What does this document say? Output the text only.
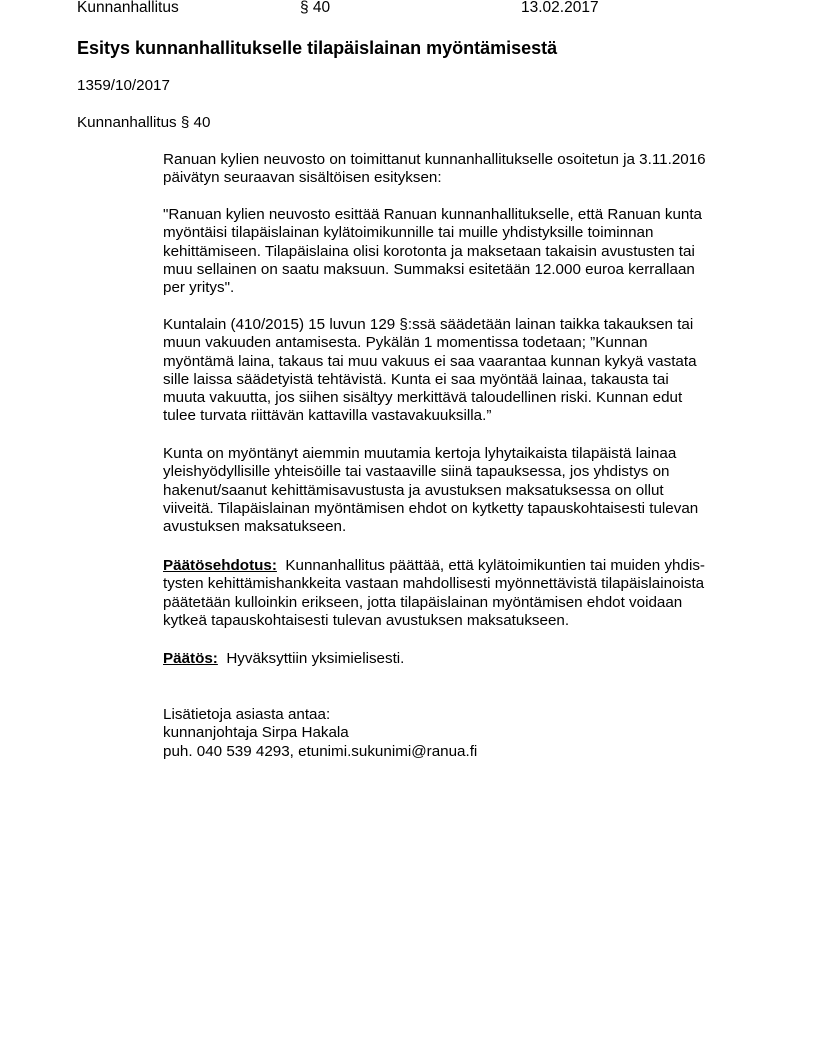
Kunnanhallitus	§ 40	13.02.2017
Esitys kunnanhallitukselle tilapäislainan myöntämisestä
1359/10/2017
Kunnanhallitus § 40
Ranuan kylien neuvosto on toimittanut kunnanhallitukselle osoitetun ja 3.11.2016
päivätyn seuraavan sisältöisen esityksen:
"Ranuan kylien neuvosto esittää Ranuan kunnanhallitukselle, että Ranuan kunta
myöntäisi tilapäislainan kylätoimikunnille tai muille yhdistyksille toiminnan
kehittämiseen. Tilapäislaina olisi korotonta ja maksetaan takaisin avustusten tai
muu sellainen on saatu maksuun. Summaksi esitetään 12.000 euroa kerrallaan
per yritys".
Kuntalain (410/2015) 15 luvun 129 §:ssä säädetään lainan taikka takauksen tai
muun vakuuden antamisesta. Pykälän 1 momentissa todetaan; ”Kunnan
myöntämä laina, takaus tai muu vakuus ei saa vaarantaa kunnan kykyä vastata
sille laissa säädetyistä tehtävistä. Kunta ei saa myöntää lainaa, takausta tai
muuta vakuutta, jos siihen sisältyy merkittävä taloudellinen riski. Kunnan edut
tulee turvata riittävän kattavilla vastavakuuksilla.”
Kunta on myöntänyt aiemmin muutamia kertoja lyhytaikaista tilapäistä lainaa
yleishyödyllisille yhteisöille tai vastaaville siinä tapauksessa, jos yhdistys on
hakenut/saanut kehittämisavustusta ja avustuksen maksatuksessa on ollut
viiveitä. Tilapäislainan myöntämisen ehdot on kytketty tapauskohtaisesti tulevan
avustuksen maksatukseen.
Päätösehdotus: Kunnanhallitus päättää, että kylätoimikuntien tai muiden yhdis-
tysten kehittämishankkeita vastaan mahdollisesti myönnettävistä tilapäislainoista
päätetään kulloinkin erikseen, jotta tilapäislainan myöntämisen ehdot voidaan
kytkeä tapauskohtaisesti tulevan avustuksen maksatukseen.
Päätös: Hyväksyttiin yksimielisesti.
Lisätietoja asiasta antaa:
kunnanjohtaja Sirpa Hakala
puh. 040 539 4293, etunimi.sukunimi@ranua.fi
